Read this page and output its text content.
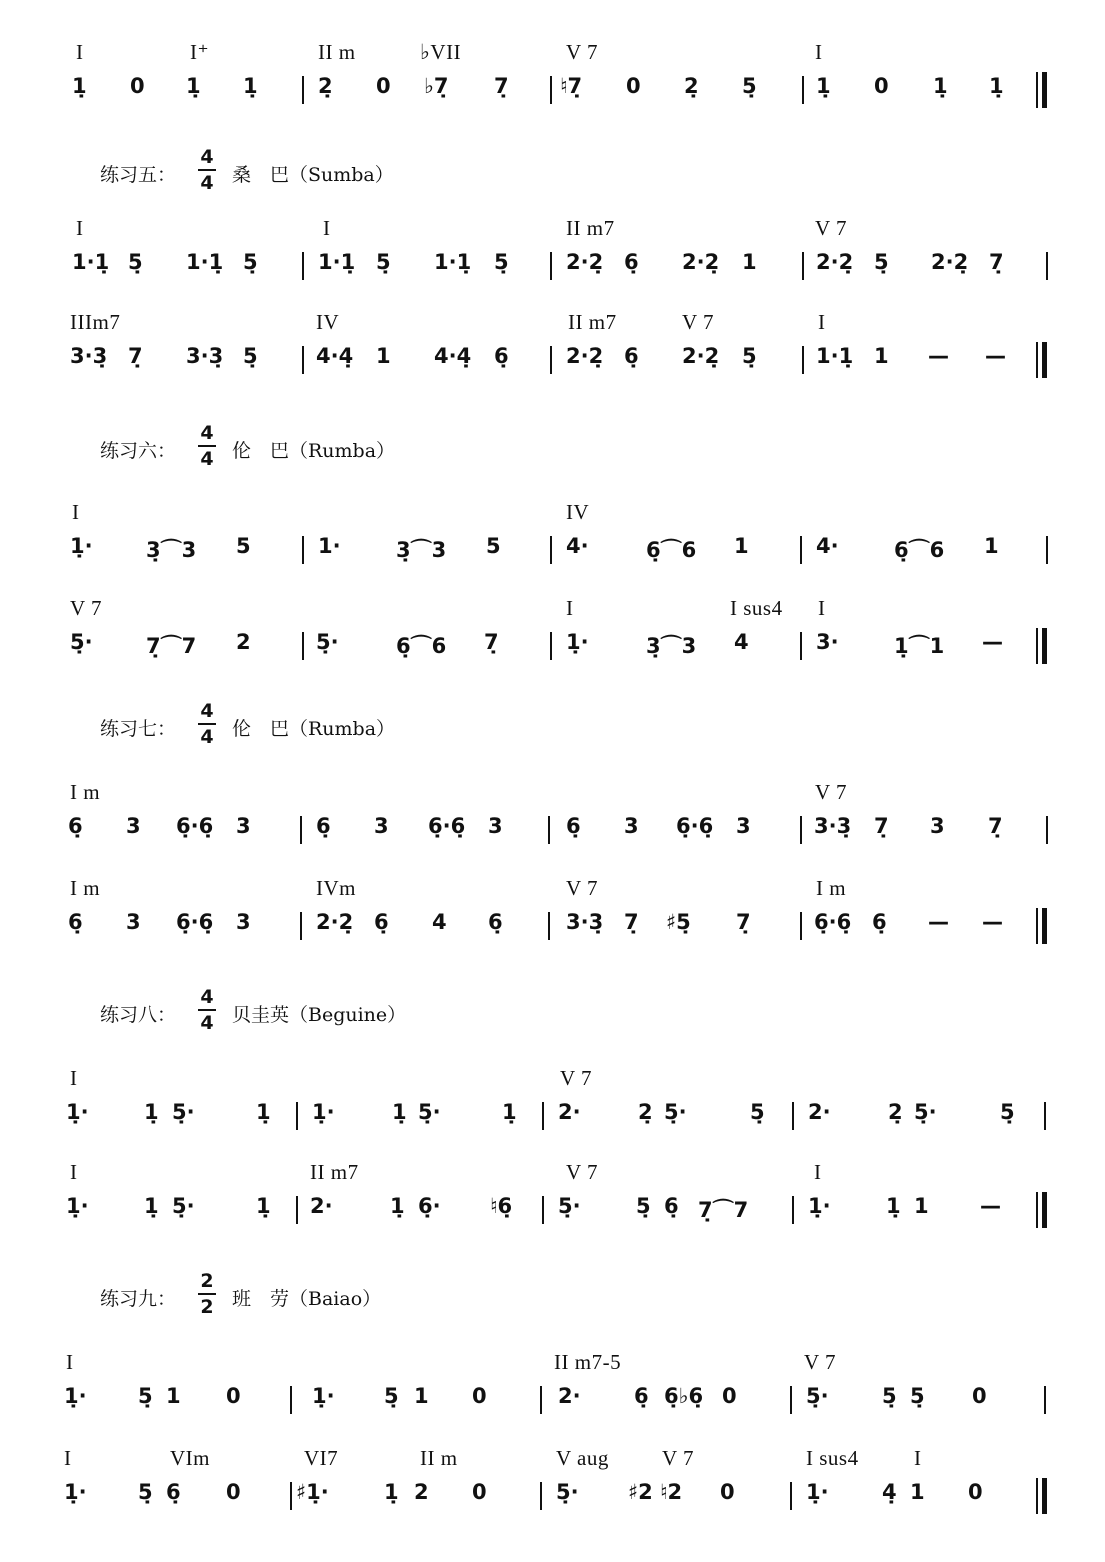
I	I⁺	II m	♭VII	V 7	I
1̣ 0 1̣ 1̣	2̣ 0 ♭7̣ 7̣ ♮7̣ 0 2̣ 5̣	1̣ 0 1̣ 1̣
I	I	II m7	V 7
1·1̣ 5̣ 1·1̣ 5̣	1·1̣ 5̣ 1·1̣ 5̣	2·2̣ 6̣ 2·2̣ 1	2·2̣ 5̣ 2·2̣ 7̣
IIIm7	IV	II m7	V 7	I
3·3̣ 7̣ 3·3̣ 5̣	4·4̣ 1 4·4̣ 6̣	2·2̣ 6̣ 2·2̣ 5̣	1·1̣ 1 — —
I	IV
1̣·	3̣⌒3 5	1·	3̣⌒3 5	4·	6̣⌒6 1	4·	6̣⌒6 1
V 7	I	I sus4 I
5̣·	7̣⌒7 2	5̣·	6̣⌒6 7̣	1̣·	3̣⌒3 4	3·	1̣⌒1 —
I m	V 7
6̣ 3 6̣·6̣ 3	6̣ 3 6̣·6̣ 3	6̣ 3 6̣·6̣ 3	3·3̣ 7̣ 3 7̣
I m	IVm	V 7	I m
6̣ 3 6̣·6̣ 3	2·2̣ 6̣ 4 6̣	3·3̣ 7̣ ♯5̣ 7̣	6̣·6̣ 6̣ — —
I	V 7
1̣·	1̣ 5̣·	1̣ 1̣·	1̣ 5̣·	1̣ 2·	2̣ 5̣·	5̣ 2·	2̣ 5̣·	5̣
I	II m7	V 7	I
1̣·	1̣ 5̣·	1̣ 2·	1̣ 6̣· ♮6̣ 5̣·	5̣ 6̣ 7̣⌒7	1̣·	1̣ 1 —
I	II m7-5	V 7
1̣· 5̣ 1 0	1̣· 5̣ 1 0	2·	6̣ 6̣♭6̣ 0	5̣·	5̣ 5̣ 0
I	VIm	VI7	II m	V aug	V 7	I sus4	I
1̣· 5̣ 6̣ 0	♯1̣·	1̣ 2 0	5̣· ♯2 ♮2 0	1̣·	4̣ 1 0
练习五：
4
4 桑　巴（Sumba）
练习六：
4
4 伦　巴（Rumba）
练习七：
4
4 伦　巴（Rumba）
练习八：
4
4 贝圭英（Beguine）
练习九：
2
2 班　劳（Baiao）
